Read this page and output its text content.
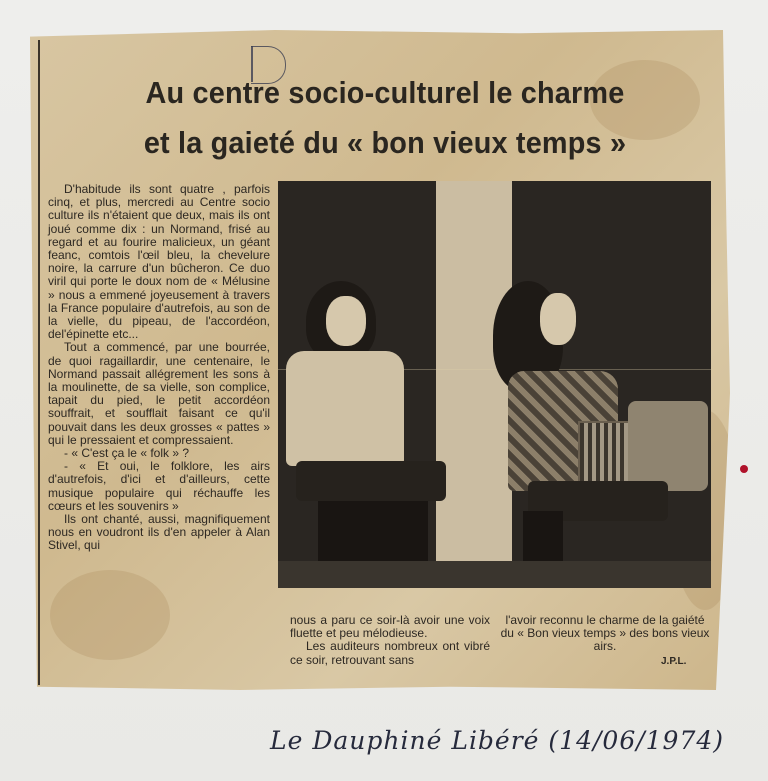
Au centre socio-culturel le charme
et la gaieté du « bon vieux temps »

D'habitude ils sont quatre , parfois cinq, et plus, mercredi au Centre socio culture ils n'étaient que deux, mais ils ont joué comme dix : un Normand, frisé au regard et au fourire malicieux, un géant feanc, comtois l'œil bleu, la chevelure noire, la carrure d'un bûcheron. Ce duo viril qui porte le doux nom de « Mélusine » nous a emmené joyeusement à travers la France populaire d'autrefois, au son de la vielle, du pipeau, de l'accordéon, del'épinette etc...

Tout a commencé, par une bourrée, de quoi ragaillardir, une centenaire, le Normand passait allégrement les sons à la moulinette, de sa vielle, son complice, tapait du pied, le petit accordéon souffrait, et soufflait faisant ce qu'il pouvait dans les deux grosses « pattes » qui le pressaient et compressaient.

- « C'est ça le « folk » ?

- « Et oui, le folklore, les airs d'autrefois, d'ici et d'ailleurs, cette musique populaire qui réchauffe les cœurs et les souvenirs »

Ils ont chanté, aussi, magnifiquement nous en voudront ils d'en appeler à Alan Stivel, qui

nous a paru ce soir-là avoir une voix fluette et peu mélodieuse.

Les auditeurs nombreux ont vibré ce soir, retrouvant sans

l'avoir reconnu le charme de la gaiété du « Bon vieux temps » des bons vieux airs.

J.P.L.
Le Dauphiné Libéré (14/06/1974)
